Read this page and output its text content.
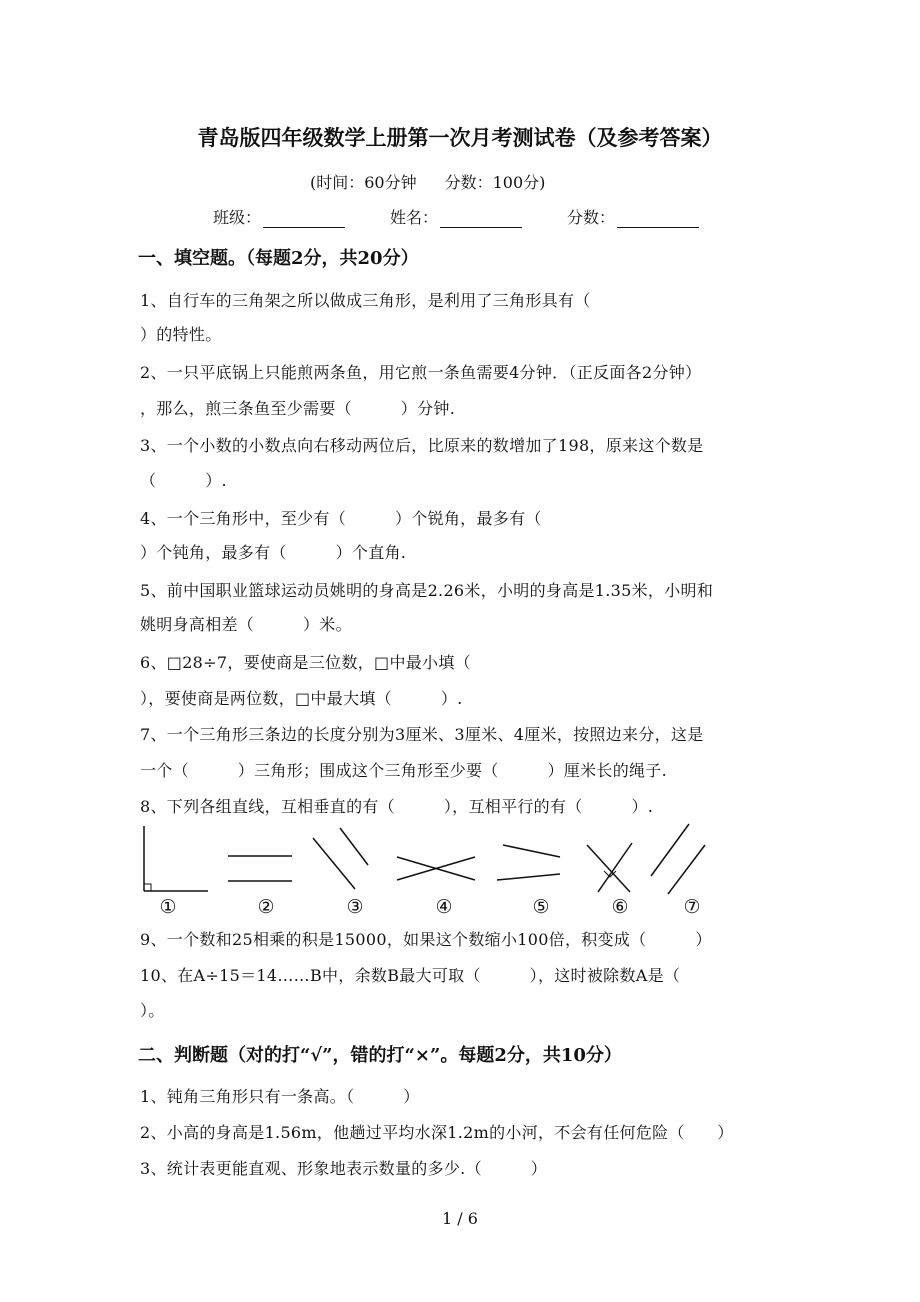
青岛版四年级数学上册第一次月考测试卷（及参考答案）
(时间：60分钟 分数：100分)
班级：	姓名：	分数：
一、填空题。（每题2分，共20分）
1、自行车的三角架之所以做成三角形，是利用了三角形具有（
）的特性。
2、一只平底锅上只能煎两条鱼，用它煎一条鱼需要4分钟．（正反面各2分钟）
，那么，煎三条鱼至少需要（　　　）分钟.
3、一个小数的小数点向右移动两位后，比原来的数增加了198，原来这个数是
（　　　）.
4、一个三角形中，至少有（　　　）个锐角，最多有（
）个钝角，最多有（　　　）个直角.
5、前中国职业篮球运动员姚明的身高是2.26米，小明的身高是1.35米，小明和
姚明身高相差（　　　）米。
6、□28÷7，要使商是三位数，□中最小填（
），要使商是两位数，□中最大填（　　　）.
7、一个三角形三条边的长度分别为3厘米、3厘米、4厘米，按照边来分，这是
一个（　　　）三角形；围成这个三角形至少要（　　　）厘米长的绳子.
8、下列各组直线，互相垂直的有（　　　），互相平行的有（　　　）.
①	②	③	④	⑤	⑥	⑦
9、一个数和25相乘的积是15000，如果这个数缩小100倍，积变成（　　　）
10、在A÷15＝14……B中，余数B最大可取（　　　），这时被除数A是（
）。
二、判断题（对的打“√”，错的打“×”。每题2分，共10分）
1、钝角三角形只有一条高。（　　　）
2、小高的身高是1.56m，他趟过平均水深1.2m的小河，不会有任何危险（　　）
3、统计表更能直观、形象地表示数量的多少.（　　　）
1 / 6
